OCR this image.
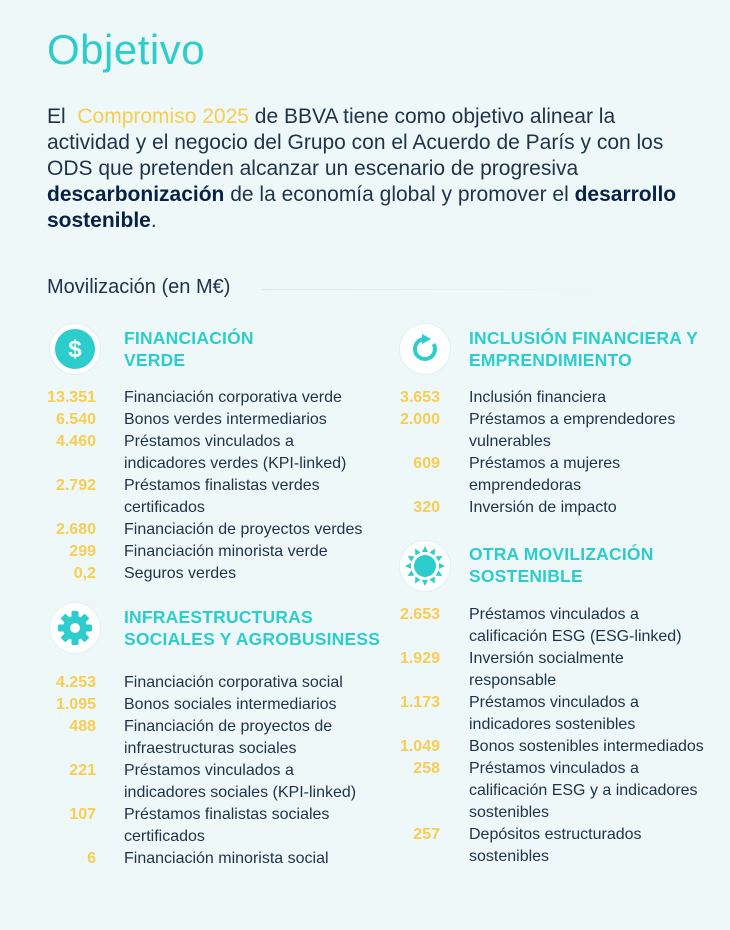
Objetivo

El Compromiso 2025 de BBVA tiene como objetivo alinear la actividad y el negocio del Grupo con el Acuerdo de París y con los ODS que pretenden alcanzar un escenario de progresiva descarbonización de la economía global y promover el desarrollo sostenible.

Movilización (en M€)
$ FINANCIACIÓN
VERDE
13.351 Financiación corporativa verde
6.540 Bonos verdes intermediarios
4.460 Préstamos vinculados a
indicadores verdes (KPI-linked)
2.792 Préstamos finalistas verdes
certificados
2.680 Financiación de proyectos verdes
299 Financiación minorista verde
0,2 Seguros verdes
INFRAESTRUCTURAS
SOCIALES Y AGROBUSINESS
4.253 Financiación corporativa social
1.095 Bonos sociales intermediarios
488 Financiación de proyectos de
infraestructuras sociales
221 Préstamos vinculados a
indicadores sociales (KPI-linked)
107 Préstamos finalistas sociales
certificados
6 Financiación minorista social
INCLUSIÓN FINANCIERA Y
EMPRENDIMIENTO
3.653 Inclusión financiera
2.000 Préstamos a emprendedores
vulnerables
609 Préstamos a mujeres
emprendedoras
320 Inversión de impacto
OTRA MOVILIZACIÓN
SOSTENIBLE
2.653 Préstamos vinculados a
calificación ESG (ESG-linked)
1.929 Inversión socialmente
responsable
1.173 Préstamos vinculados a
indicadores sostenibles
1.049 Bonos sostenibles intermediados
258 Préstamos vinculados a
calificación ESG y a indicadores
sostenibles
257 Depósitos estructurados
sostenibles
